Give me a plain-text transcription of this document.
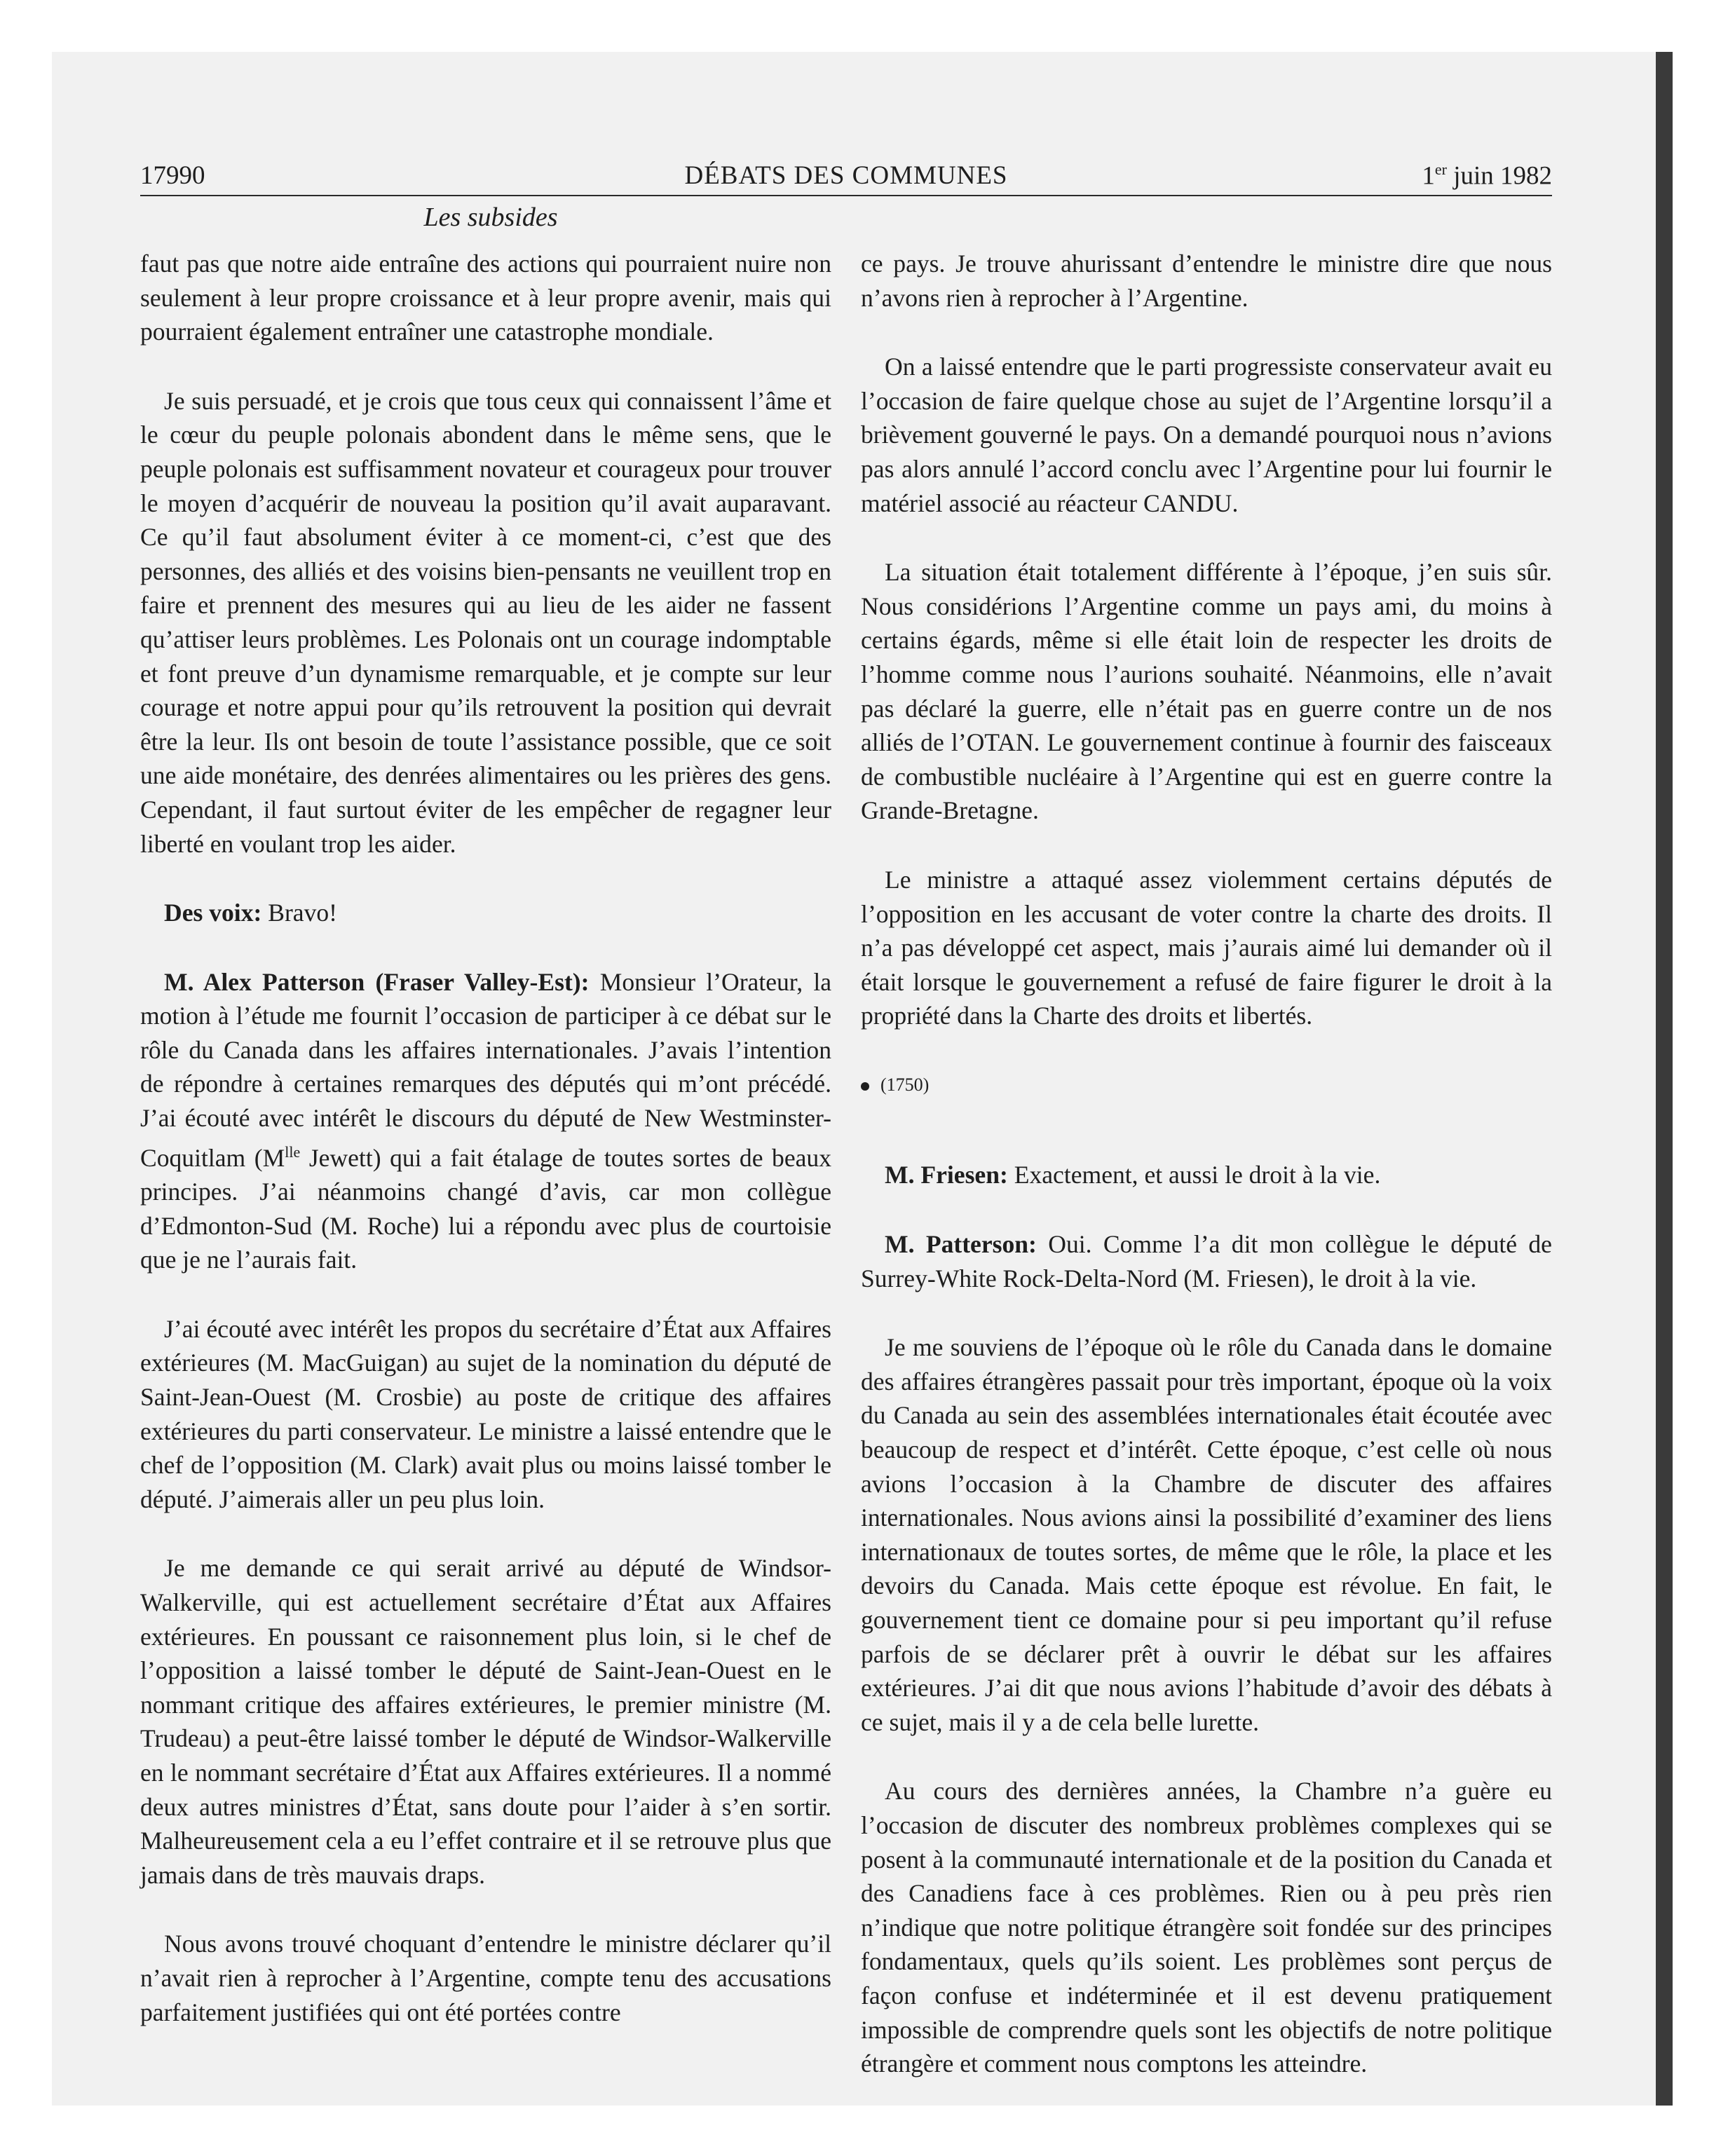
17990	DÉBATS DES COMMUNES	1er juin 1982
Les subsides

faut pas que notre aide entraîne des actions qui pourraient nuire non seulement à leur propre croissance et à leur propre avenir, mais qui pourraient également entraîner une catastrophe mondiale.

Je suis persuadé, et je crois que tous ceux qui connaissent l’âme et le cœur du peuple polonais abondent dans le même sens, que le peuple polonais est suffisamment novateur et courageux pour trouver le moyen d’acquérir de nouveau la position qu’il avait auparavant. Ce qu’il faut absolument éviter à ce moment-ci, c’est que des personnes, des alliés et des voisins bien-pensants ne veuillent trop en faire et prennent des mesures qui au lieu de les aider ne fassent qu’attiser leurs problèmes. Les Polonais ont un courage indomptable et font preuve d’un dynamisme remarquable, et je compte sur leur courage et notre appui pour qu’ils retrouvent la position qui devrait être la leur. Ils ont besoin de toute l’assistance possible, que ce soit une aide monétaire, des denrées alimentaires ou les prières des gens. Cependant, il faut surtout éviter de les empêcher de regagner leur liberté en voulant trop les aider.

Des voix: Bravo!

M. Alex Patterson (Fraser Valley-Est): Monsieur l’Orateur, la motion à l’étude me fournit l’occasion de participer à ce débat sur le rôle du Canada dans les affaires internationales. J’avais l’intention de répondre à certaines remarques des députés qui m’ont précédé. J’ai écouté avec intérêt le discours du député de New Westminster-Coquitlam ($M^{lle}$ Jewett) qui a fait étalage de toutes sortes de beaux principes. J’ai néanmoins changé d’avis, car mon collègue d’Edmonton-Sud (M. Roche) lui a répondu avec plus de courtoisie que je ne l’aurais fait.

J’ai écouté avec intérêt les propos du secrétaire d’État aux Affaires extérieures (M. MacGuigan) au sujet de la nomination du député de Saint-Jean-Ouest (M. Crosbie) au poste de critique des affaires extérieures du parti conservateur. Le ministre a laissé entendre que le chef de l’opposition (M. Clark) avait plus ou moins laissé tomber le député. J’aimerais aller un peu plus loin.

Je me demande ce qui serait arrivé au député de Windsor-Walkerville, qui est actuellement secrétaire d’État aux Affaires extérieures. En poussant ce raisonnement plus loin, si le chef de l’opposition a laissé tomber le député de Saint-Jean-Ouest en le nommant critique des affaires extérieures, le premier ministre (M. Trudeau) a peut-être laissé tomber le député de Windsor-Walkerville en le nommant secrétaire d’État aux Affaires extérieures. Il a nommé deux autres ministres d’État, sans doute pour l’aider à s’en sortir. Malheureusement cela a eu l’effet contraire et il se retrouve plus que jamais dans de très mauvais draps.

Nous avons trouvé choquant d’entendre le ministre déclarer qu’il n’avait rien à reprocher à l’Argentine, compte tenu des accusations parfaitement justifiées qui ont été portées contre

ce pays. Je trouve ahurissant d’entendre le ministre dire que nous n’avons rien à reprocher à l’Argentine.

On a laissé entendre que le parti progressiste conservateur avait eu l’occasion de faire quelque chose au sujet de l’Argentine lorsqu’il a brièvement gouverné le pays. On a demandé pourquoi nous n’avions pas alors annulé l’accord conclu avec l’Argentine pour lui fournir le matériel associé au réacteur CANDU.

La situation était totalement différente à l’époque, j’en suis sûr. Nous considérions l’Argentine comme un pays ami, du moins à certains égards, même si elle était loin de respecter les droits de l’homme comme nous l’aurions souhaité. Néanmoins, elle n’avait pas déclaré la guerre, elle n’était pas en guerre contre un de nos alliés de l’OTAN. Le gouvernement continue à fournir des faisceaux de combustible nucléaire à l’Argentine qui est en guerre contre la Grande-Bretagne.

Le ministre a attaqué assez violemment certains députés de l’opposition en les accusant de voter contre la charte des droits. Il n’a pas développé cet aspect, mais j’aurais aimé lui demander où il était lorsque le gouvernement a refusé de faire figurer le droit à la propriété dans la Charte des droits et libertés.

(1750)

M. Friesen: Exactement, et aussi le droit à la vie.

M. Patterson: Oui. Comme l’a dit mon collègue le député de Surrey-White Rock-Delta-Nord (M. Friesen), le droit à la vie.

Je me souviens de l’époque où le rôle du Canada dans le domaine des affaires étrangères passait pour très important, époque où la voix du Canada au sein des assemblées internationales était écoutée avec beaucoup de respect et d’intérêt. Cette époque, c’est celle où nous avions l’occasion à la Chambre de discuter des affaires internationales. Nous avions ainsi la possibilité d’examiner des liens internationaux de toutes sortes, de même que le rôle, la place et les devoirs du Canada. Mais cette époque est révolue. En fait, le gouvernement tient ce domaine pour si peu important qu’il refuse parfois de se déclarer prêt à ouvrir le débat sur les affaires extérieures. J’ai dit que nous avions l’habitude d’avoir des débats à ce sujet, mais il y a de cela belle lurette.

Au cours des dernières années, la Chambre n’a guère eu l’occasion de discuter des nombreux problèmes complexes qui se posent à la communauté internationale et de la position du Canada et des Canadiens face à ces problèmes. Rien ou à peu près rien n’indique que notre politique étrangère soit fondée sur des principes fondamentaux, quels qu’ils soient. Les problèmes sont perçus de façon confuse et indéterminée et il est devenu pratiquement impossible de comprendre quels sont les objectifs de notre politique étrangère et comment nous comptons les atteindre.
